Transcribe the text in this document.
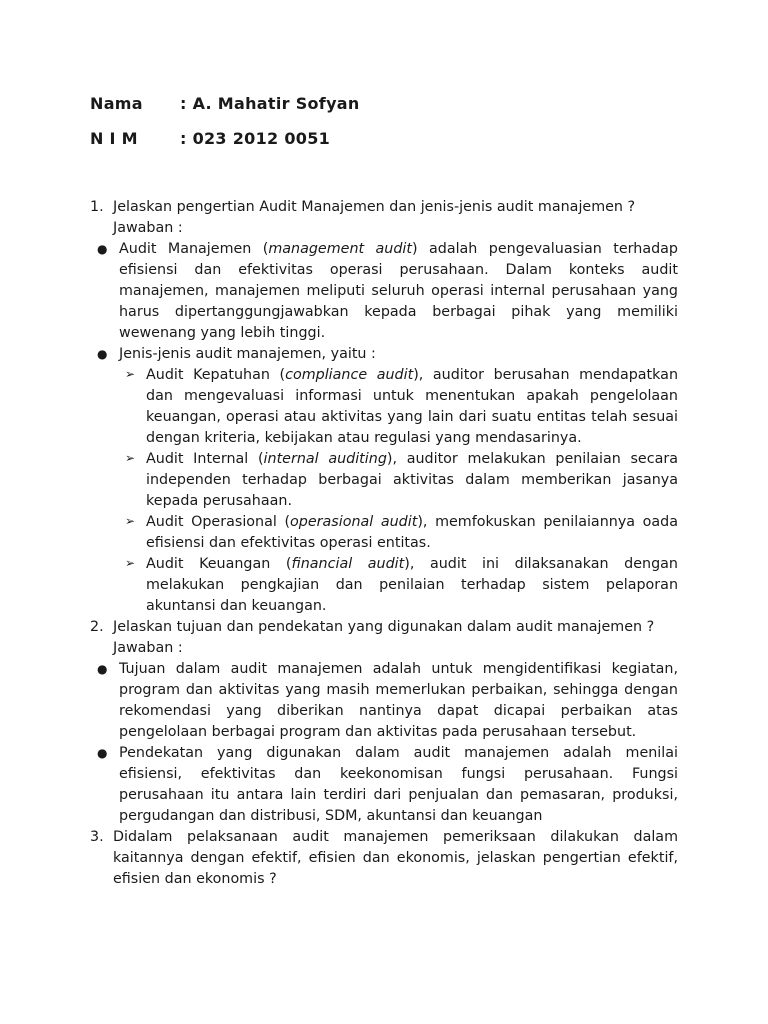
Nama : A. Mahatir Sofyan
N I M	: 023 2012 0051
1. Jelaskan pengertian Audit Manajemen dan jenis-jenis audit manajemen ?
Jawaban :
● Audit Manajemen (management audit) adalah pengevaluasian terhadap efisiensi dan efektivitas operasi perusahaan. Dalam konteks audit manajemen, manajemen meliputi seluruh operasi internal perusahaan yang harus dipertanggungjawabkan kepada berbagai pihak yang memiliki wewenang yang lebih tinggi.
● Jenis-jenis audit manajemen, yaitu :
➢ Audit Kepatuhan (compliance audit), auditor berusahan mendapatkan dan mengevaluasi informasi untuk menentukan apakah pengelolaan keuangan, operasi atau aktivitas yang lain dari suatu entitas telah sesuai dengan kriteria, kebijakan atau regulasi yang mendasarinya.
➢ Audit Internal (internal auditing), auditor melakukan penilaian secara independen terhadap berbagai aktivitas dalam memberikan jasanya kepada perusahaan.
➢ Audit Operasional (operasional audit), memfokuskan penilaiannya oada efisiensi dan efektivitas operasi entitas.
➢ Audit Keuangan (financial audit), audit ini dilaksanakan dengan melakukan pengkajian dan penilaian terhadap sistem pelaporan akuntansi dan keuangan.
2. Jelaskan tujuan dan pendekatan yang digunakan dalam audit manajemen ?
Jawaban :
● Tujuan dalam audit manajemen adalah untuk mengidentifikasi kegiatan, program dan aktivitas yang masih memerlukan perbaikan, sehingga dengan rekomendasi yang diberikan nantinya dapat dicapai perbaikan atas pengelolaan berbagai program dan aktivitas pada perusahaan tersebut.
● Pendekatan yang digunakan dalam audit manajemen adalah menilai efisiensi, efektivitas dan keekonomisan fungsi perusahaan. Fungsi perusahaan itu antara lain terdiri dari penjualan dan pemasaran, produksi, pergudangan dan distribusi, SDM, akuntansi dan keuangan
3. Didalam pelaksanaan audit manajemen pemeriksaan dilakukan dalam kaitannya dengan efektif, efisien dan ekonomis, jelaskan pengertian efektif, efisien dan ekonomis ?
